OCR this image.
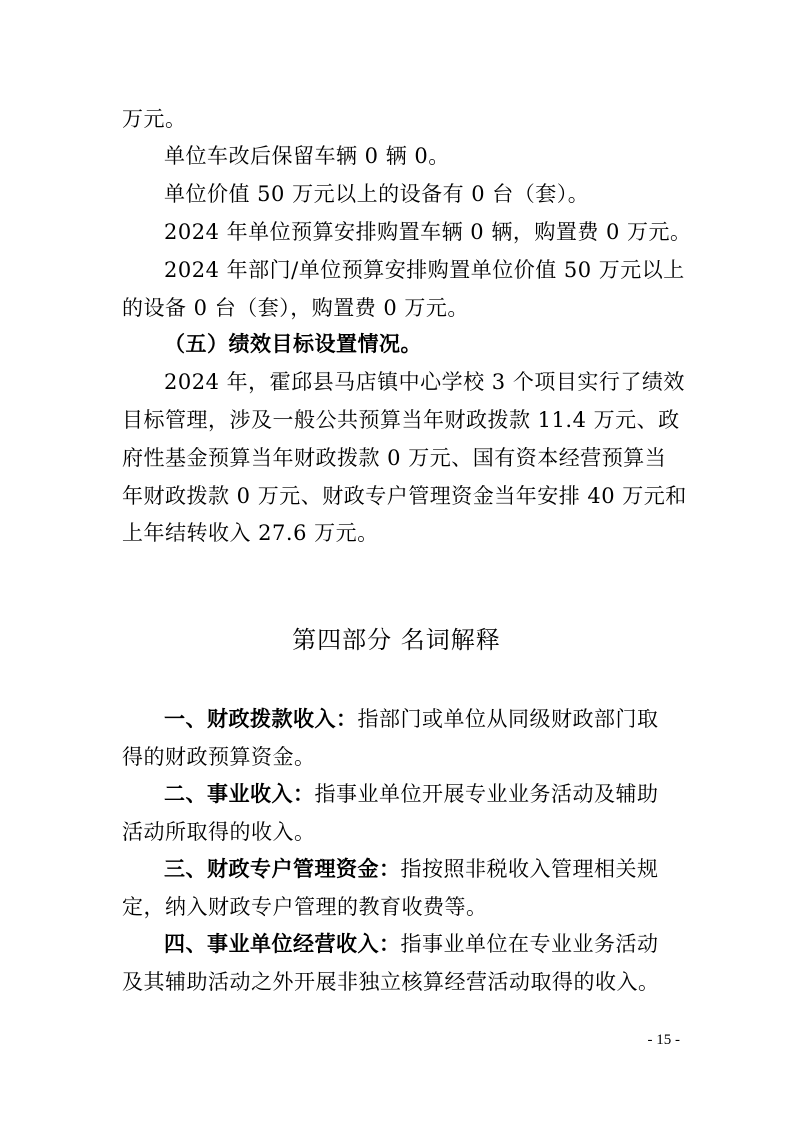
万元。
单位车改后保留车辆 0 辆 0。
单位价值 50 万元以上的设备有 0 台（套）。
2024 年单位预算安排购置车辆 0 辆，购置费 0 万元。
2024 年部门/单位预算安排购置单位价值 50 万元以上
的设备 0 台（套），购置费 0 万元。
（五）绩效目标设置情况。
2024 年，霍邱县马店镇中心学校 3 个项目实行了绩效
目标管理，涉及一般公共预算当年财政拨款 11.4 万元、政
府性基金预算当年财政拨款 0 万元、国有资本经营预算当
年财政拨款 0 万元、财政专户管理资金当年安排 40 万元和
上年结转收入 27.6 万元。
第四部分 名词解释
一、财政拨款收入：指部门或单位从同级财政部门取
得的财政预算资金。
二、事业收入：指事业单位开展专业业务活动及辅助
活动所取得的收入。
三、财政专户管理资金：指按照非税收入管理相关规
定，纳入财政专户管理的教育收费等。
四、事业单位经营收入：指事业单位在专业业务活动
及其辅助活动之外开展非独立核算经营活动取得的收入。
- 15 -
